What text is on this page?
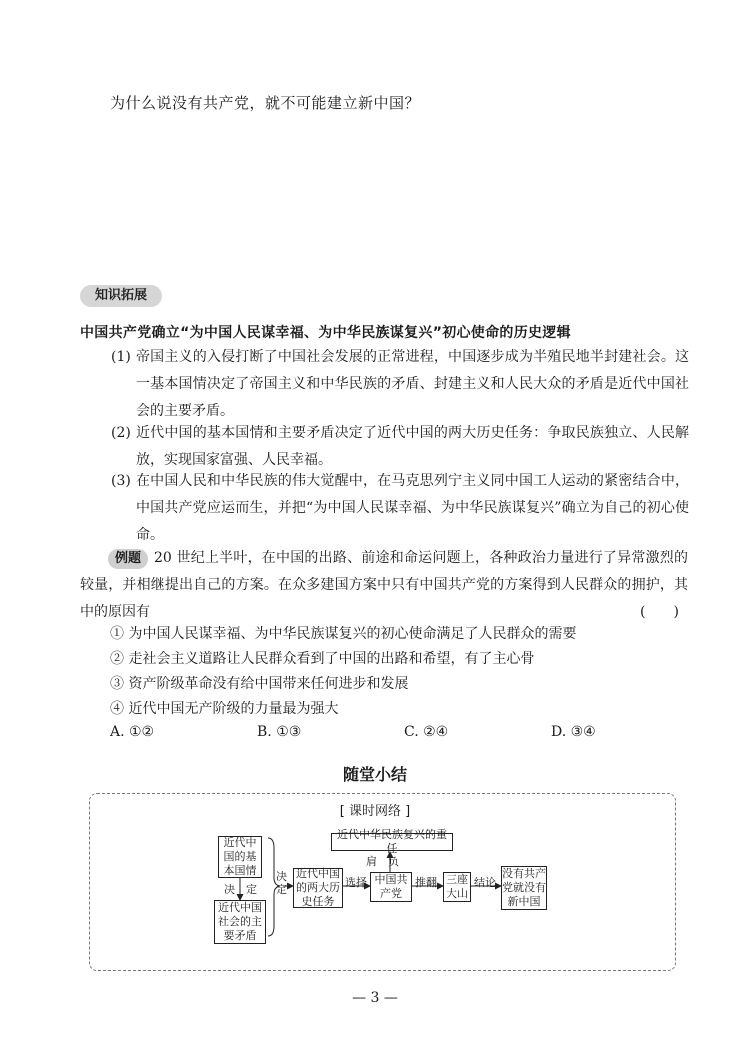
为什么说没有共产党，就不可能建立新中国？
知识拓展
中国共产党确立“为中国人民谋幸福、为中华民族谋复兴”初心使命的历史逻辑
(1) 帝国主义的入侵打断了中国社会发展的正常进程，中国逐步成为半殖民地半封建社会。这一基本国情决定了帝国主义和中华民族的矛盾、封建主义和人民大众的矛盾是近代中国社会的主要矛盾。
(2) 近代中国的基本国情和主要矛盾决定了近代中国的两大历史任务：争取民族独立、人民解放，实现国家富强、人民幸福。
(3) 在中国人民和中华民族的伟大觉醒中，在马克思列宁主义同中国工人运动的紧密结合中，中国共产党应运而生，并把“为中国人民谋幸福、为中华民族谋复兴”确立为自己的初心使命。
例题 20 世纪上半叶，在中国的出路、前途和命运问题上，各种政治力量进行了异常激烈的较量，并相继提出自己的方案。在众多建国方案中只有中国共产党的方案得到人民群众的拥护，其中的原因有	(　　)
① 为中国人民谋幸福、为中华民族谋复兴的初心使命满足了人民群众的需要
② 走社会主义道路让人民群众看到了中国的出路和希望，有了主心骨
③ 资产阶级革命没有给中国带来任何进步和发展
④ 近代中国无产阶级的力量最为强大
A. ①②	B. ①③	C. ②④	D. ③④
随堂小结
[ 课时网络 ]
近代中国的基本国情
决　定
近代中国社会的主要矛盾
决定
近代中国的两大历史任务
选择 中国共产党
肩　负
近代中华民族复兴的重任
推翻 三座大山
结论
没有共产党就没有新中国
— 3 —
